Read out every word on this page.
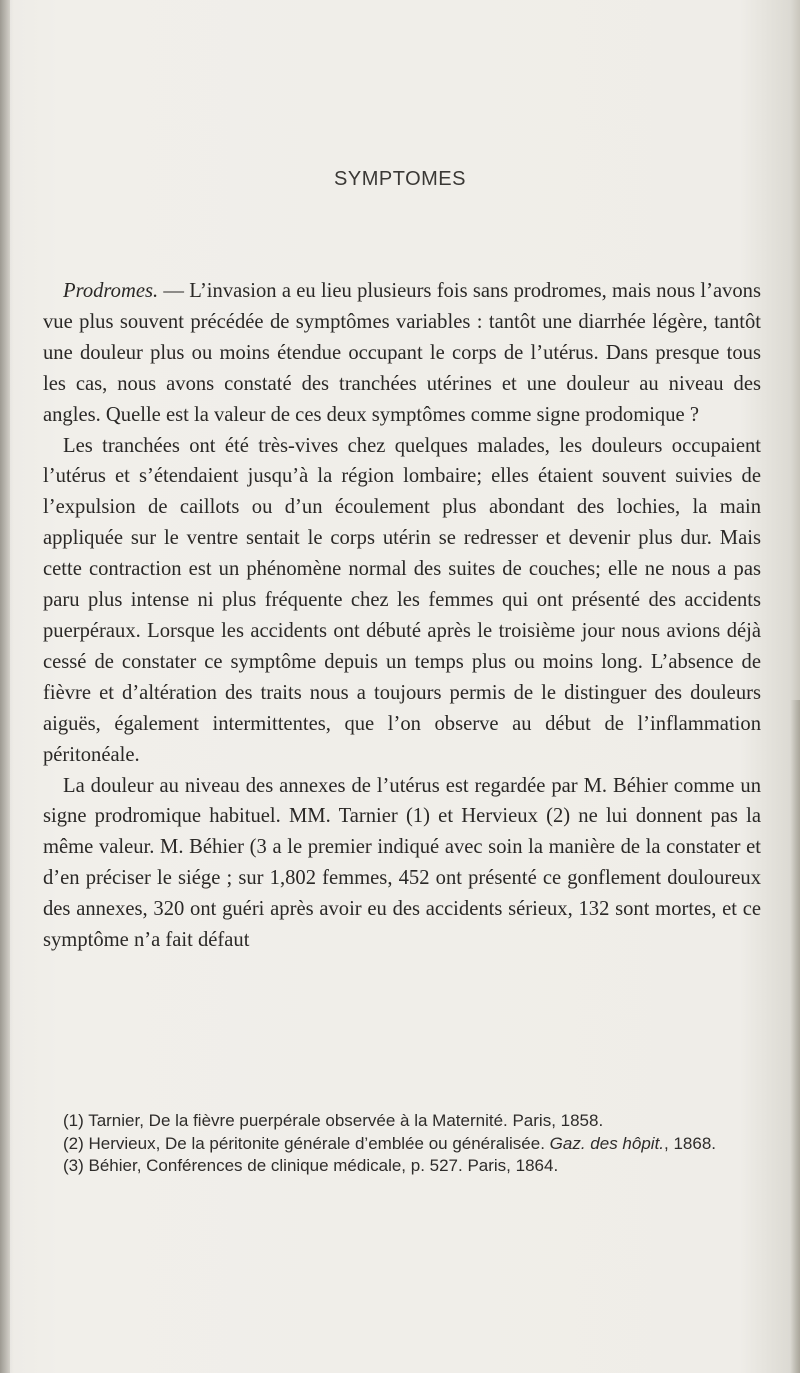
SYMPTOMES

Prodromes. — L’invasion a eu lieu plusieurs fois sans prodromes, mais nous l’avons vue plus souvent précédée de symptômes variables : tantôt une diarrhée légère, tantôt une douleur plus ou moins étendue occupant le corps de l’utérus. Dans presque tous les cas, nous avons constaté des tranchées utérines et une douleur au niveau des angles. Quelle est la valeur de ces deux symptômes comme signe prodomique ?

Les tranchées ont été très-vives chez quelques malades, les douleurs occupaient l’utérus et s’étendaient jusqu’à la région lombaire; elles étaient souvent suivies de l’expulsion de caillots ou d’un écoulement plus abondant des lochies, la main appliquée sur le ventre sentait le corps utérin se redresser et devenir plus dur. Mais cette contraction est un phénomène normal des suites de couches; elle ne nous a pas paru plus intense ni plus fréquente chez les femmes qui ont présenté des accidents puerpéraux. Lorsque les accidents ont débuté après le troisième jour nous avions déjà cessé de constater ce symptôme depuis un temps plus ou moins long. L’absence de fièvre et d’altération des traits nous a toujours permis de le distinguer des douleurs aiguës, également intermittentes, que l’on observe au début de l’inflammation péritonéale.

La douleur au niveau des annexes de l’utérus est regardée par M. Béhier comme un signe prodromique habituel. MM. Tarnier (1) et Hervieux (2) ne lui donnent pas la même valeur. M. Béhier (3 a le premier indiqué avec soin la manière de la constater et d’en préciser le siége ; sur 1,802 femmes, 452 ont présenté ce gonflement douloureux des annexes, 320 ont guéri après avoir eu des accidents sérieux, 132 sont mortes, et ce symptôme n’a fait défaut

(1) Tarnier, De la fièvre puerpérale observée à la Maternité. Paris, 1858.

(2) Hervieux, De la péritonite générale d’emblée ou généralisée. Gaz. des hôpit., 1868.

(3) Béhier, Conférences de clinique médicale, p. 527. Paris, 1864.
